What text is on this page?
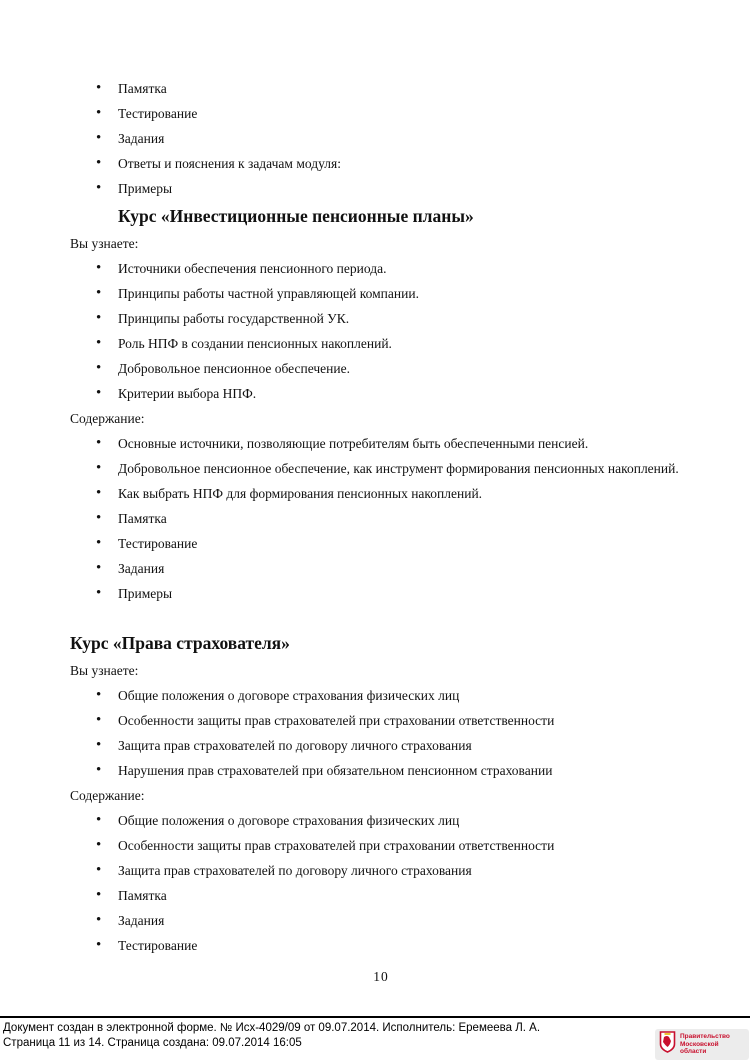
• Памятка
• Тестирование
• Задания
• Ответы и пояснения к задачам модуля:
• Примеры
Курс «Инвестиционные пенсионные планы»

Вы узнаете:

• Источники обеспечения пенсионного периода.
• Принципы работы частной управляющей компании.
• Принципы работы государственной УК.
• Роль НПФ в создании пенсионных накоплений.
• Добровольное пенсионное обеспечение.
• Критерии выбора НПФ.

Содержание:

• Основные источники, позволяющие потребителям быть обеспеченными пенсией.
• Добровольное пенсионное обеспечение, как инструмент формирования пенсионных накоплений.
• Как выбрать НПФ для формирования пенсионных накоплений.
• Памятка
• Тестирование
• Задания
• Примеры
Курс «Права страхователя»

Вы узнаете:

• Общие положения о договоре страхования физических лиц
• Особенности защиты прав страхователей при страховании ответственности
• Защита прав страхователей по договору личного страхования
• Нарушения прав страхователей при обязательном пенсионном страховании

Содержание:

• Общие положения о договоре страхования физических лиц
• Особенности защиты прав страхователей при страховании ответственности
• Защита прав страхователей по договору личного страхования
• Памятка
• Задания
• Тестирование
10
Документ создан в электронной форме. № Исх-4029/09 от 09.07.2014. Исполнитель: Еремеева Л. А.
Страница 11 из 14. Страница создана: 09.07.2014 16:05
Правительство
Московской области
